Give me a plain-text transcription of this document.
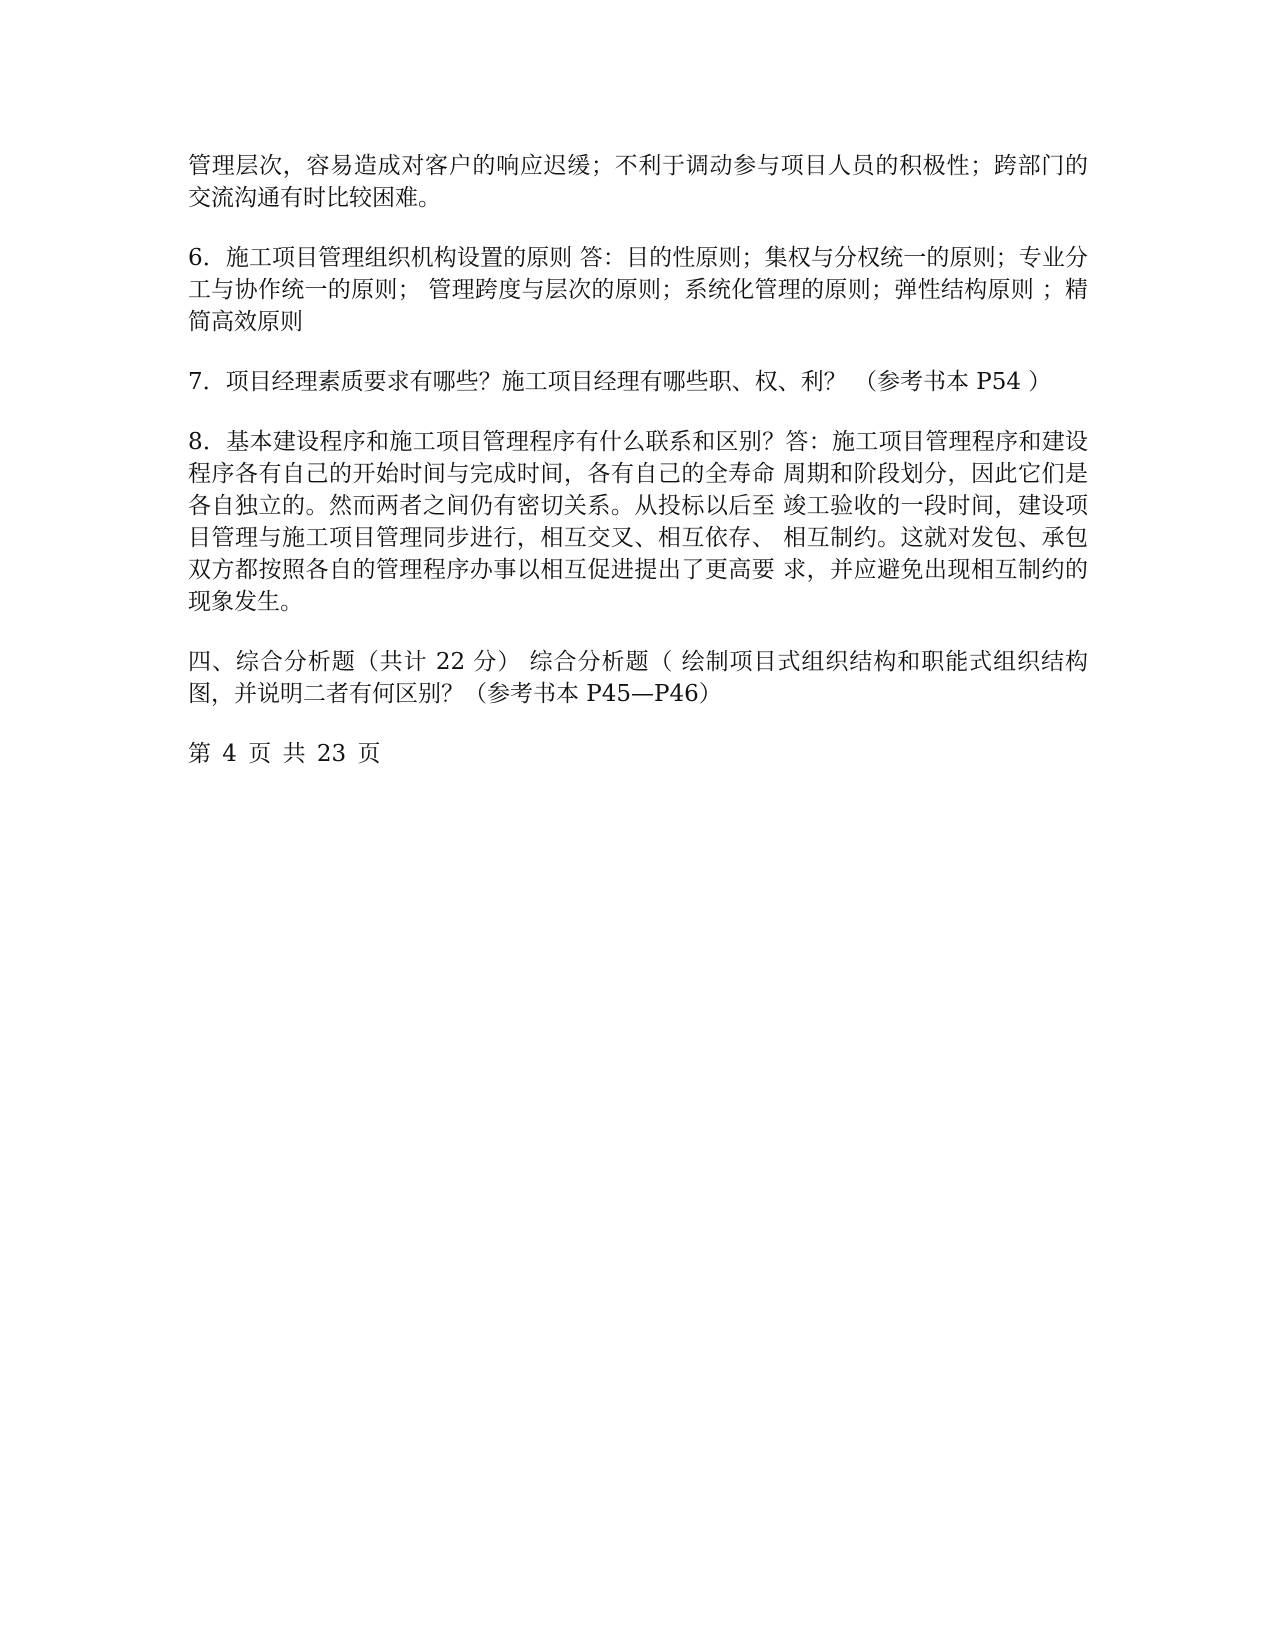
管理层次，容易造成对客户的响应迟缓；不利于调动参与项目人员的积极性；跨部门的 交流沟通有时比较困难。

6．施工项目管理组织机构设置的原则 答：目的性原则；集权与分权统一的原则；专业分工与协作统一的原则； 管理跨度与层次的原则；系统化管理的原则；弹性结构原则 ；精简高效原则

7．项目经理素质要求有哪些？施工项目经理有哪些职、权、利？ （参考书本 P54 ）

8．基本建设程序和施工项目管理程序有什么联系和区别？答：施工项目管理程序和建设程序各有自己的开始时间与完成时间，各有自己的全寿命 周期和阶段划分，因此它们是各自独立的。然而两者之间仍有密切关系。从投标以后至 竣工验收的一段时间，建设项目管理与施工项目管理同步进行，相互交叉、相互依存、 相互制约。这就对发包、承包双方都按照各自的管理程序办事以相互促进提出了更高要 求，并应避免出现相互制约的现象发生。

四、综合分析题（共计 22 分） 综合分析题（ 绘制项目式组织结构和职能式组织结构图，并说明二者有何区别？（参考书本 P45—P46）

第 4 页 共 23 页
